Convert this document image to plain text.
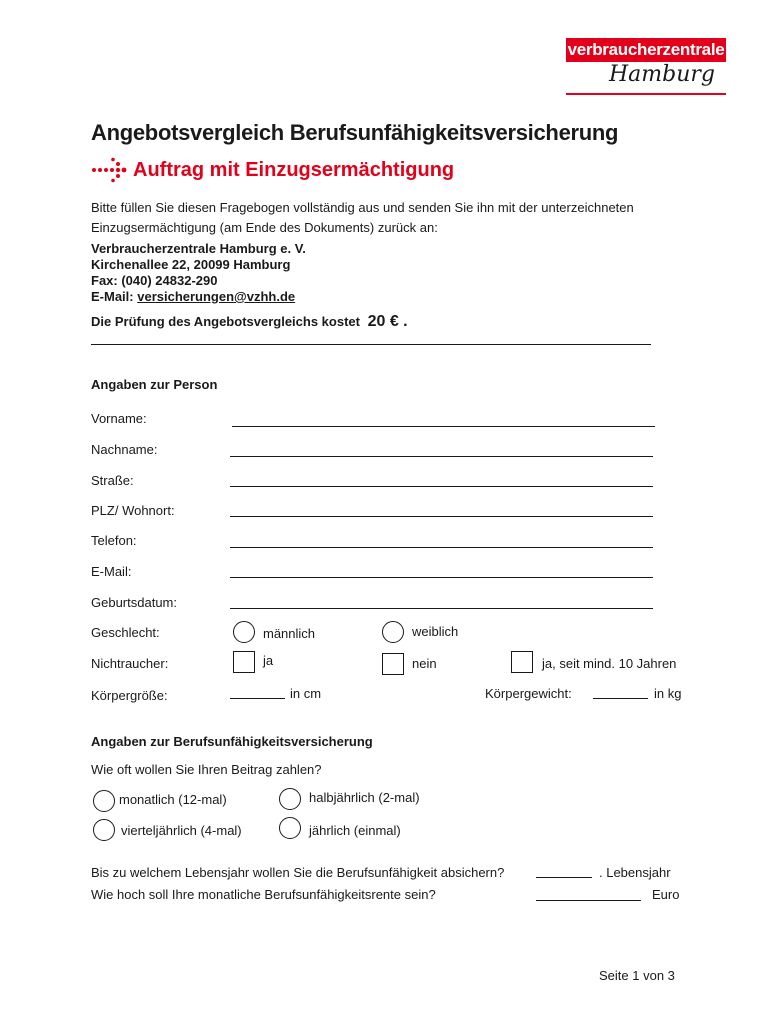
verbraucherzentrale
Hamburg
Angebotsvergleich Berufsunfähigkeitsversicherung
Auftrag mit Einzugsermächtigung
Bitte füllen Sie diesen Fragebogen vollständig aus und senden Sie ihn mit der unterzeichneten
Einzugsermächtigung (am Ende des Dokuments) zurück an:
Verbraucherzentrale Hamburg e. V.
Kirchenallee 22, 20099 Hamburg
Fax: (040) 24832-290
E-Mail: versicherungen@vzhh.de
Die Prüfung des Angebotsvergleichs kostet 20 € .
Angaben zur Person
Vorname:
Nachname:
Straße:
PLZ/ Wohnort:
Telefon:
E-Mail:
Geburtsdatum:
Geschlecht:	männlich	weiblich
Nichtraucher:	ja	nein	ja, seit mind. 10 Jahren
Körpergröße:	in cm	Körpergewicht:	in kg
Angaben zur Berufsunfähigkeitsversicherung
Wie oft wollen Sie Ihren Beitrag zahlen?
monatlich (12-mal)	halbjährlich (2-mal)
vierteljährlich (4-mal)	jährlich (einmal)
Bis zu welchem Lebensjahr wollen Sie die Berufsunfähigkeit absichern?	. Lebensjahr
Wie hoch soll Ihre monatliche Berufsunfähigkeitsrente sein?	Euro
Seite 1 von 3
